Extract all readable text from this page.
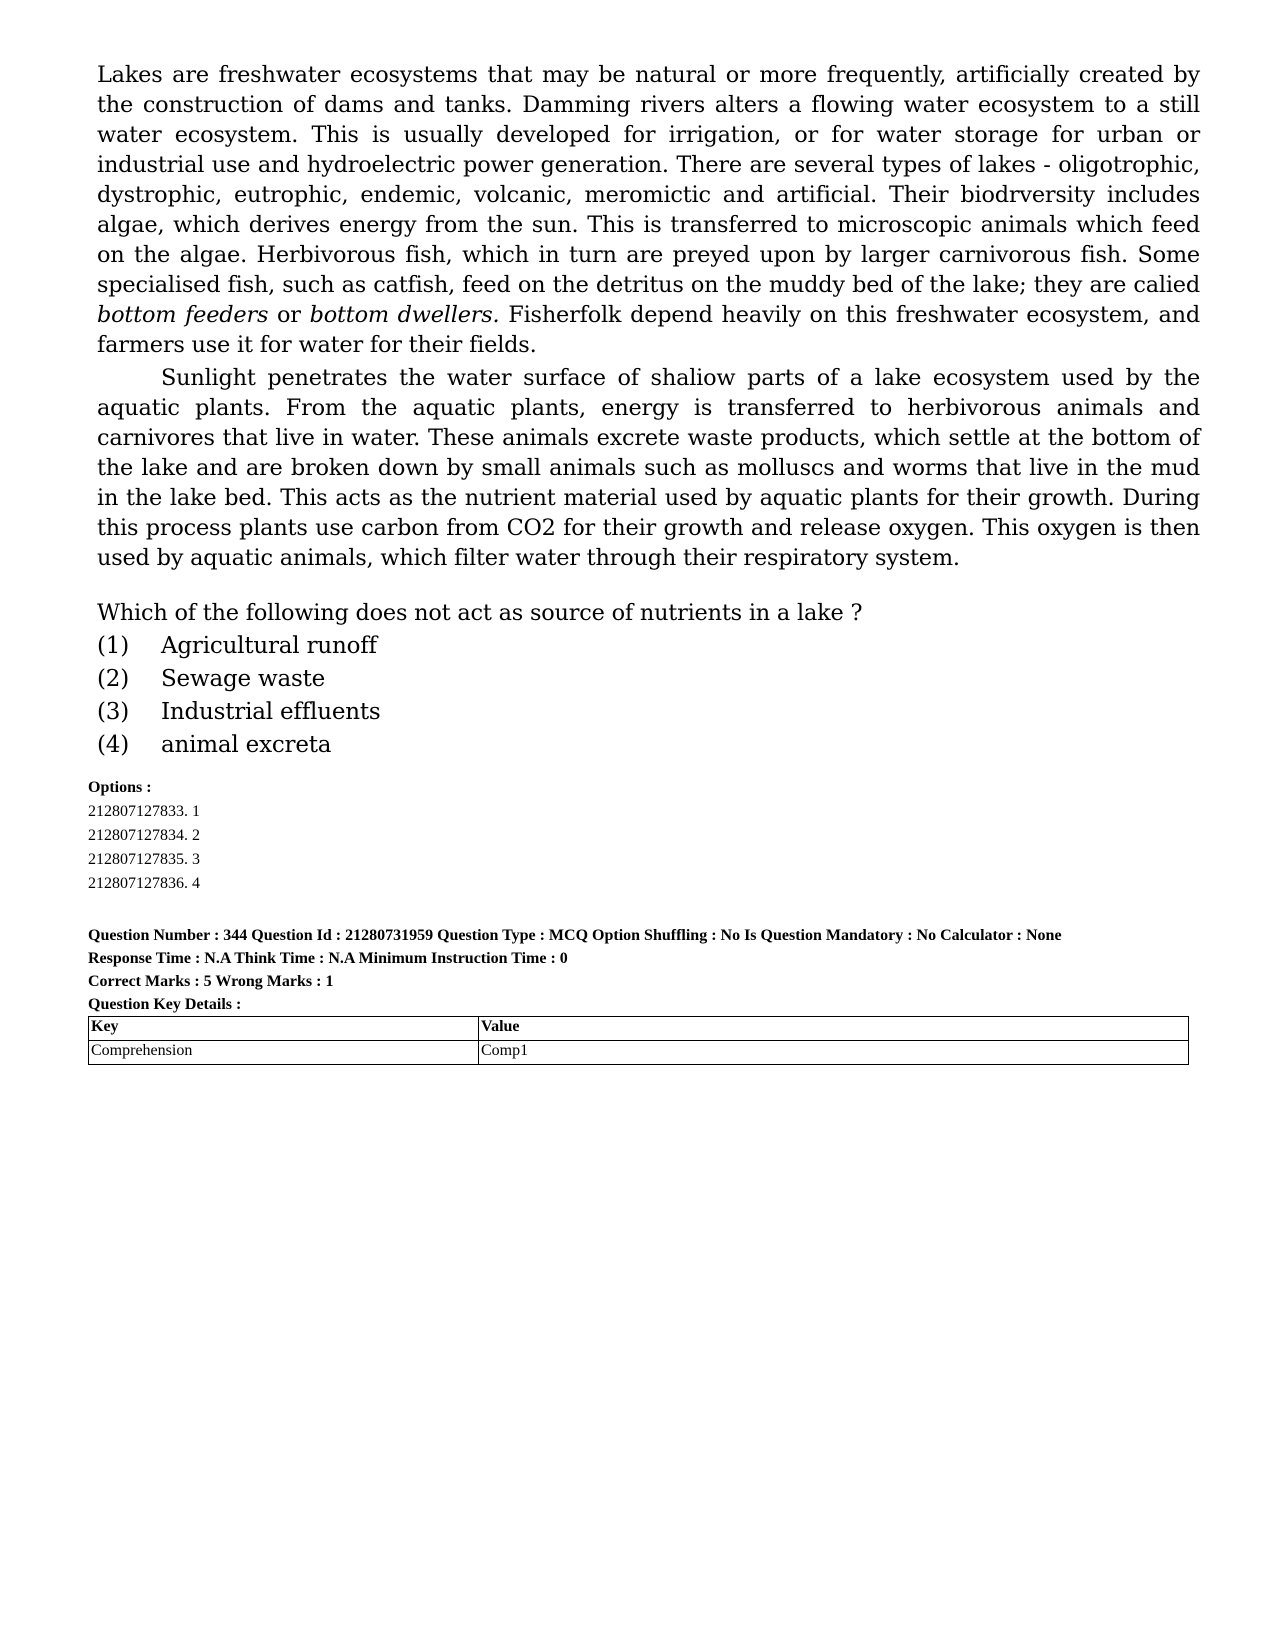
Lakes are freshwater ecosystems that may be natural or more frequently, artificially created by the construction of dams and tanks. Damming rivers alters a flowing water ecosystem to a still water ecosystem. This is usually developed for irrigation, or for water storage for urban or industrial use and hydroelectric power generation. There are several types of lakes - oligotrophic, dystrophic, eutrophic, endemic, volcanic, meromictic and artificial. Their biodrversity includes algae, which derives energy from the sun. This is transferred to microscopic animals which feed on the algae. Herbivorous fish, which in turn are preyed upon by larger carnivorous fish. Some specialised fish, such as catfish, feed on the detritus on the muddy bed of the lake; they are calied bottom feeders or bottom dwellers. Fisherfolk depend heavily on this freshwater ecosystem, and farmers use it for water for their fields.

Sunlight penetrates the water surface of shaliow parts of a lake ecosystem used by the aquatic plants. From the aquatic plants, energy is transferred to herbivorous animals and carnivores that live in water. These animals excrete waste products, which settle at the bottom of the lake and are broken down by small animals such as molluscs and worms that live in the mud in the lake bed. This acts as the nutrient material used by aquatic plants for their growth. During this process plants use carbon from CO2 for their growth and release oxygen. This oxygen is then used by aquatic animals, which filter water through their respiratory system.

Which of the following does not act as source of nutrients in a lake ?
(1)	Agricultural runoff
(2)	Sewage waste
(3)	Industrial effluents
(4)	animal excreta
Options :
212807127833. 1
212807127834. 2
212807127835. 3
212807127836. 4
Question Number : 344 Question Id : 21280731959 Question Type : MCQ Option Shuffling : No Is Question Mandatory : No Calculator : None
Response Time : N.A Think Time : N.A Minimum Instruction Time : 0
Correct Marks : 5 Wrong Marks : 1
Question Key Details :
Key	Value
Comprehension	Comp1
